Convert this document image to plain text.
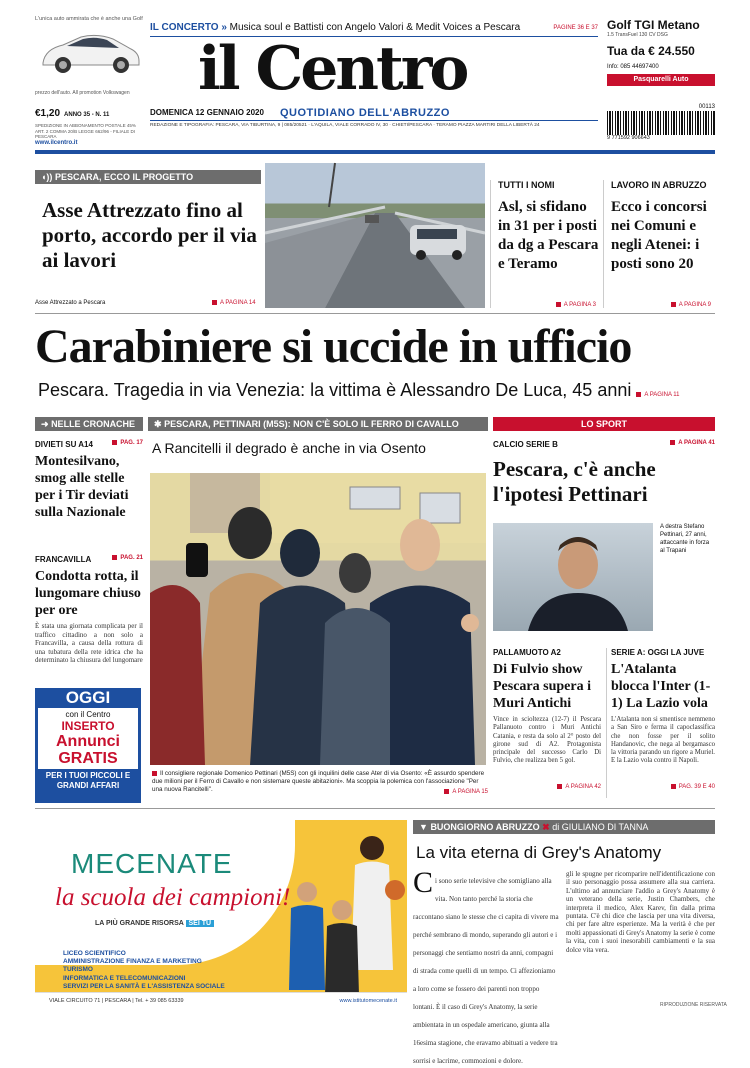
L'unica auto ammirata che è anche una Golf
prezzo dell'auto. All promotion Volkswagen
€1,20 ANNO 35 - N. 11
SPEDIZIONE IN ABBONAMENTO POSTALE 45% ART. 2 COMMA 20/B LEGGE 662/96 - FILIALE DI PESCARA
IL CONCERTO » Musica soul e Battisti con Angelo Valori & Medit Voices a Pescara	PAGINE 36 E 37
il Centro
QUOTIDIANO DELL'ABRUZZO
DOMENICA 12 GENNAIO 2020
REDAZIONE E TIPOGRAFIA: PESCARA, VIA TIBURTINA, 9 | 085/20521 · L'AQUILA, VIALE CORRADO IV, 30 · CHIETI/PESCARA · TERAMO PIAZZA MARTIRI DELLA LIBERTÀ 24
Golf TGI Metano
1.5 TransFuel 130 CV DSG
Tua da € 24.550
Info: 085 44697400
Pasquarelli Auto
00113
9 771592 906643
www.ilcentro.it
◖)) PESCARA, ECCO IL PROGETTO
Asse Attrezzato fino al porto, accordo per il via ai lavori
Asse Attrezzato a Pescara	A PAGINA 14
TUTTI I NOMI
Asl, si sfidano in 31 per i posti da dg a Pescara e Teramo
A PAGINA 3
LAVORO IN ABRUZZO
Ecco i concorsi nei Comuni e negli Atenei: i posti sono 20
A PAGINA 9
Carabiniere si uccide in ufficio
Pescara. Tragedia in via Venezia: la vittima è Alessandro De Luca, 45 anni A PAGINA 11
➜ NELLE CRONACHE
DIVIETI SU A14	PAG. 17
Montesilvano, smog alle stelle per i Tir deviati sulla Nazionale
FRANCAVILLA	PAG. 21
Condotta rotta, il lungomare chiuso per ore
È stata una giornata complicata per il traffico cittadino a non solo a Francavilla, a causa della rottura di una tubatura della rete idrica che ha determinato la chiusura del lungomare
OGGI
con il Centro
INSERTO
Annunci
GRATIS
PER I TUOI PICCOLI E GRANDI AFFARI
✱ PESCARA, PETTINARI (M5S): NON C'È SOLO IL FERRO DI CAVALLO
A Rancitelli il degrado è anche in via Osento
Il consigliere regionale Domenico Pettinari (M5S) con gli inquilini delle case Ater di via Osento: «È assurdo spendere due milioni per il Ferro di Cavallo e non sistemare queste abitazioni». Ma scoppia la polemica con l'associazione "Per una nuova Rancitelli".	A PAGINA 15
LO SPORT
CALCIO SERIE B	A PAGINA 41
Pescara, c'è anche l'ipotesi Pettinari
A destra Stefano Pettinari, 27 anni, attaccante in forza al Trapani
PALLAMUOTO A2
Di Fulvio show Pescara supera i Muri Antichi
Vince in scioltezza (12-7) il Pescara Pallanuoto contro i Muri Antichi Catania, e resta da solo al 2° posto del girone sud di A2. Protagonista principale del successo Carlo Di Fulvio, che realizza ben 5 gol.
A PAGINA 42
SERIE A: OGGI LA JUVE
L'Atalanta blocca l'Inter (1-1) La Lazio vola
L'Atalanta non si smentisce nemmeno a San Siro e ferma il capoclassifica che non fosse per il solito Handanovic, che nega al bergamasco la vittoria parando un rigore a Muriel. E la Lazio vola contro il Napoli.
PAG. 39 E 40
MECENATE
la scuola dei campioni!
LA PIÙ GRANDE RISORSA SEI TU
LICEO SCIENTIFICO
AMMINISTRAZIONE FINANZA E MARKETING
TURISMO
INFORMATICA E TELECOMUNICAZIONI
SERVIZI PER LA SANITÀ E L'ASSISTENZA SOCIALE
VIALE CIRCUITO 71 | PESCARA | Tel. + 39 085 63339	www.istitutomecenate.it
▼ BUONGIORNO ABRUZZO ✖ di GIULIANO DI TANNA
La vita eterna di Grey's Anatomy
C i sono serie televisive che somigliano alla vita. Non tanto perché la storia che raccontano siano le stesse che ci capita di vivere ma perché sembrano di mondo, superando gli autori e i personaggi che sentiamo nostri da anni, compagni di strada come quelli di un tempo. Ci affezioniamo a loro come se fossero dei parenti non troppo lontani. È il caso di Grey's Anatomy, la serie ambientata in un ospedale americano, giunta alla 16esima stagione, che eravamo abituati a vedere tra sorrisi e lacrime, commozioni e dolore.
gli le spugne per ricomparire nell'identificazione con il suo personaggio possa assumere alla sua carriera. L'ultimo ad annunciare l'addio a Grey's Anatomy è un veterano della serie, Justin Chambers, che interpreta il medico, Alex Karev, fin dalla prima puntata. C'è chi dice che lascia per una vita diversa, chi per fare altre esperienze. Ma la verità è che per molti appassionati di Grey's Anatomy la serie è come la vita, con i suoi inesorabili cambiamenti e la sua dolce vita vera.
RIPRODUZIONE RISERVATA
